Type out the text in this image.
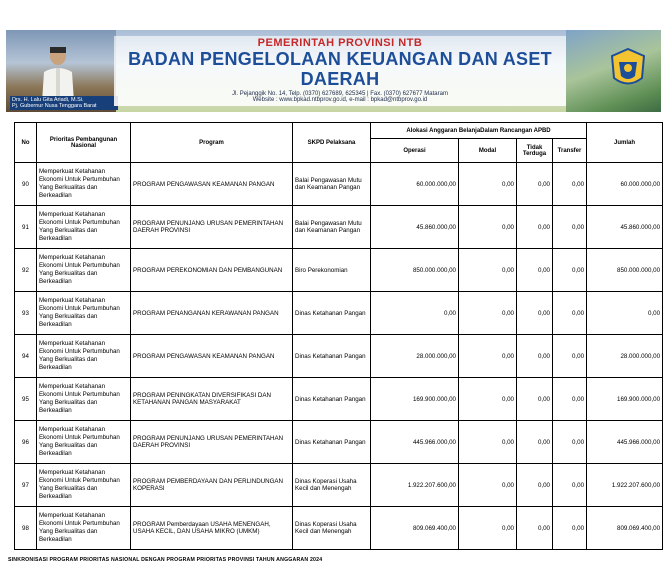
Drs. H. Lalu Gita Ariadi, M.Si.
Pj. Gubernur Nusa Tenggara Barat
PEMERINTAH PROVINSI NTB
BADAN PENGELOLAAN KEUANGAN DAN ASET DAERAH
Jl. Pejanggik No. 14, Telp. (0370) 627689, 625345 | Fax. (0370) 627677 Mataram
Website : www.bpkad.ntbprov.go.id, e-mail : bpkad@ntbprov.go.id
No	Prioritas Pembangunan Nasional	Program	SKPD Pelaksana	Alokasi Anggaran BelanjaDalam Rancangan APBD				Jumlah
				Operasi	Modal	Tidak Terduga	Transfer	
90	Memperkuat Ketahanan Ekonomi Untuk Pertumbuhan Yang Berkualitas dan Berkeadilan	PROGRAM PENGAWASAN KEAMANAN PANGAN	Balai Pengawasan Mutu dan Keamanan Pangan	60.000.000,00	0,00	0,00	0,00	60.000.000,00
91	Memperkuat Ketahanan Ekonomi Untuk Pertumbuhan Yang Berkualitas dan Berkeadilan	PROGRAM PENUNJANG URUSAN PEMERINTAHAN DAERAH PROVINSI	Balai Pengawasan Mutu dan Keamanan Pangan	45.860.000,00	0,00	0,00	0,00	45.860.000,00
92	Memperkuat Ketahanan Ekonomi Untuk Pertumbuhan Yang Berkualitas dan Berkeadilan	PROGRAM PEREKONOMIAN DAN PEMBANGUNAN	Biro Perekonomian	850.000.000,00	0,00	0,00	0,00	850.000.000,00
93	Memperkuat Ketahanan Ekonomi Untuk Pertumbuhan Yang Berkualitas dan Berkeadilan	PROGRAM PENANGANAN KERAWANAN PANGAN	Dinas Ketahanan Pangan	0,00	0,00	0,00	0,00	0,00
94	Memperkuat Ketahanan Ekonomi Untuk Pertumbuhan Yang Berkualitas dan Berkeadilan	PROGRAM PENGAWASAN KEAMANAN PANGAN	Dinas Ketahanan Pangan	28.000.000,00	0,00	0,00	0,00	28.000.000,00
95	Memperkuat Ketahanan Ekonomi Untuk Pertumbuhan Yang Berkualitas dan Berkeadilan	PROGRAM PENINGKATAN DIVERSIFIKASI DAN KETAHANAN PANGAN MASYARAKAT	Dinas Ketahanan Pangan	169.900.000,00	0,00	0,00	0,00	169.900.000,00
96	Memperkuat Ketahanan Ekonomi Untuk Pertumbuhan Yang Berkualitas dan Berkeadilan	PROGRAM PENUNJANG URUSAN PEMERINTAHAN DAERAH PROVINSI	Dinas Ketahanan Pangan	445.966.000,00	0,00	0,00	0,00	445.966.000,00
97	Memperkuat Ketahanan Ekonomi Untuk Pertumbuhan Yang Berkualitas dan Berkeadilan	PROGRAM PEMBERDAYAAN DAN PERLINDUNGAN KOPERASI	Dinas Koperasi Usaha Kecil dan Menengah	1.922.207.600,00	0,00	0,00	0,00	1.922.207.600,00
98	Memperkuat Ketahanan Ekonomi Untuk Pertumbuhan Yang Berkualitas dan Berkeadilan	PROGRAM Pemberdayaan USAHA MENENGAH, USAHA KECIL, DAN USAHA MIKRO (UMKM)	Dinas Koperasi Usaha Kecil dan Menengah	809.069.400,00	0,00	0,00	0,00	809.069.400,00
SINKRONISASI PROGRAM PRIORITAS NASIONAL DENGAN PROGRAM PRIORITAS PROVINSI TAHUN ANGGARAN 2024
